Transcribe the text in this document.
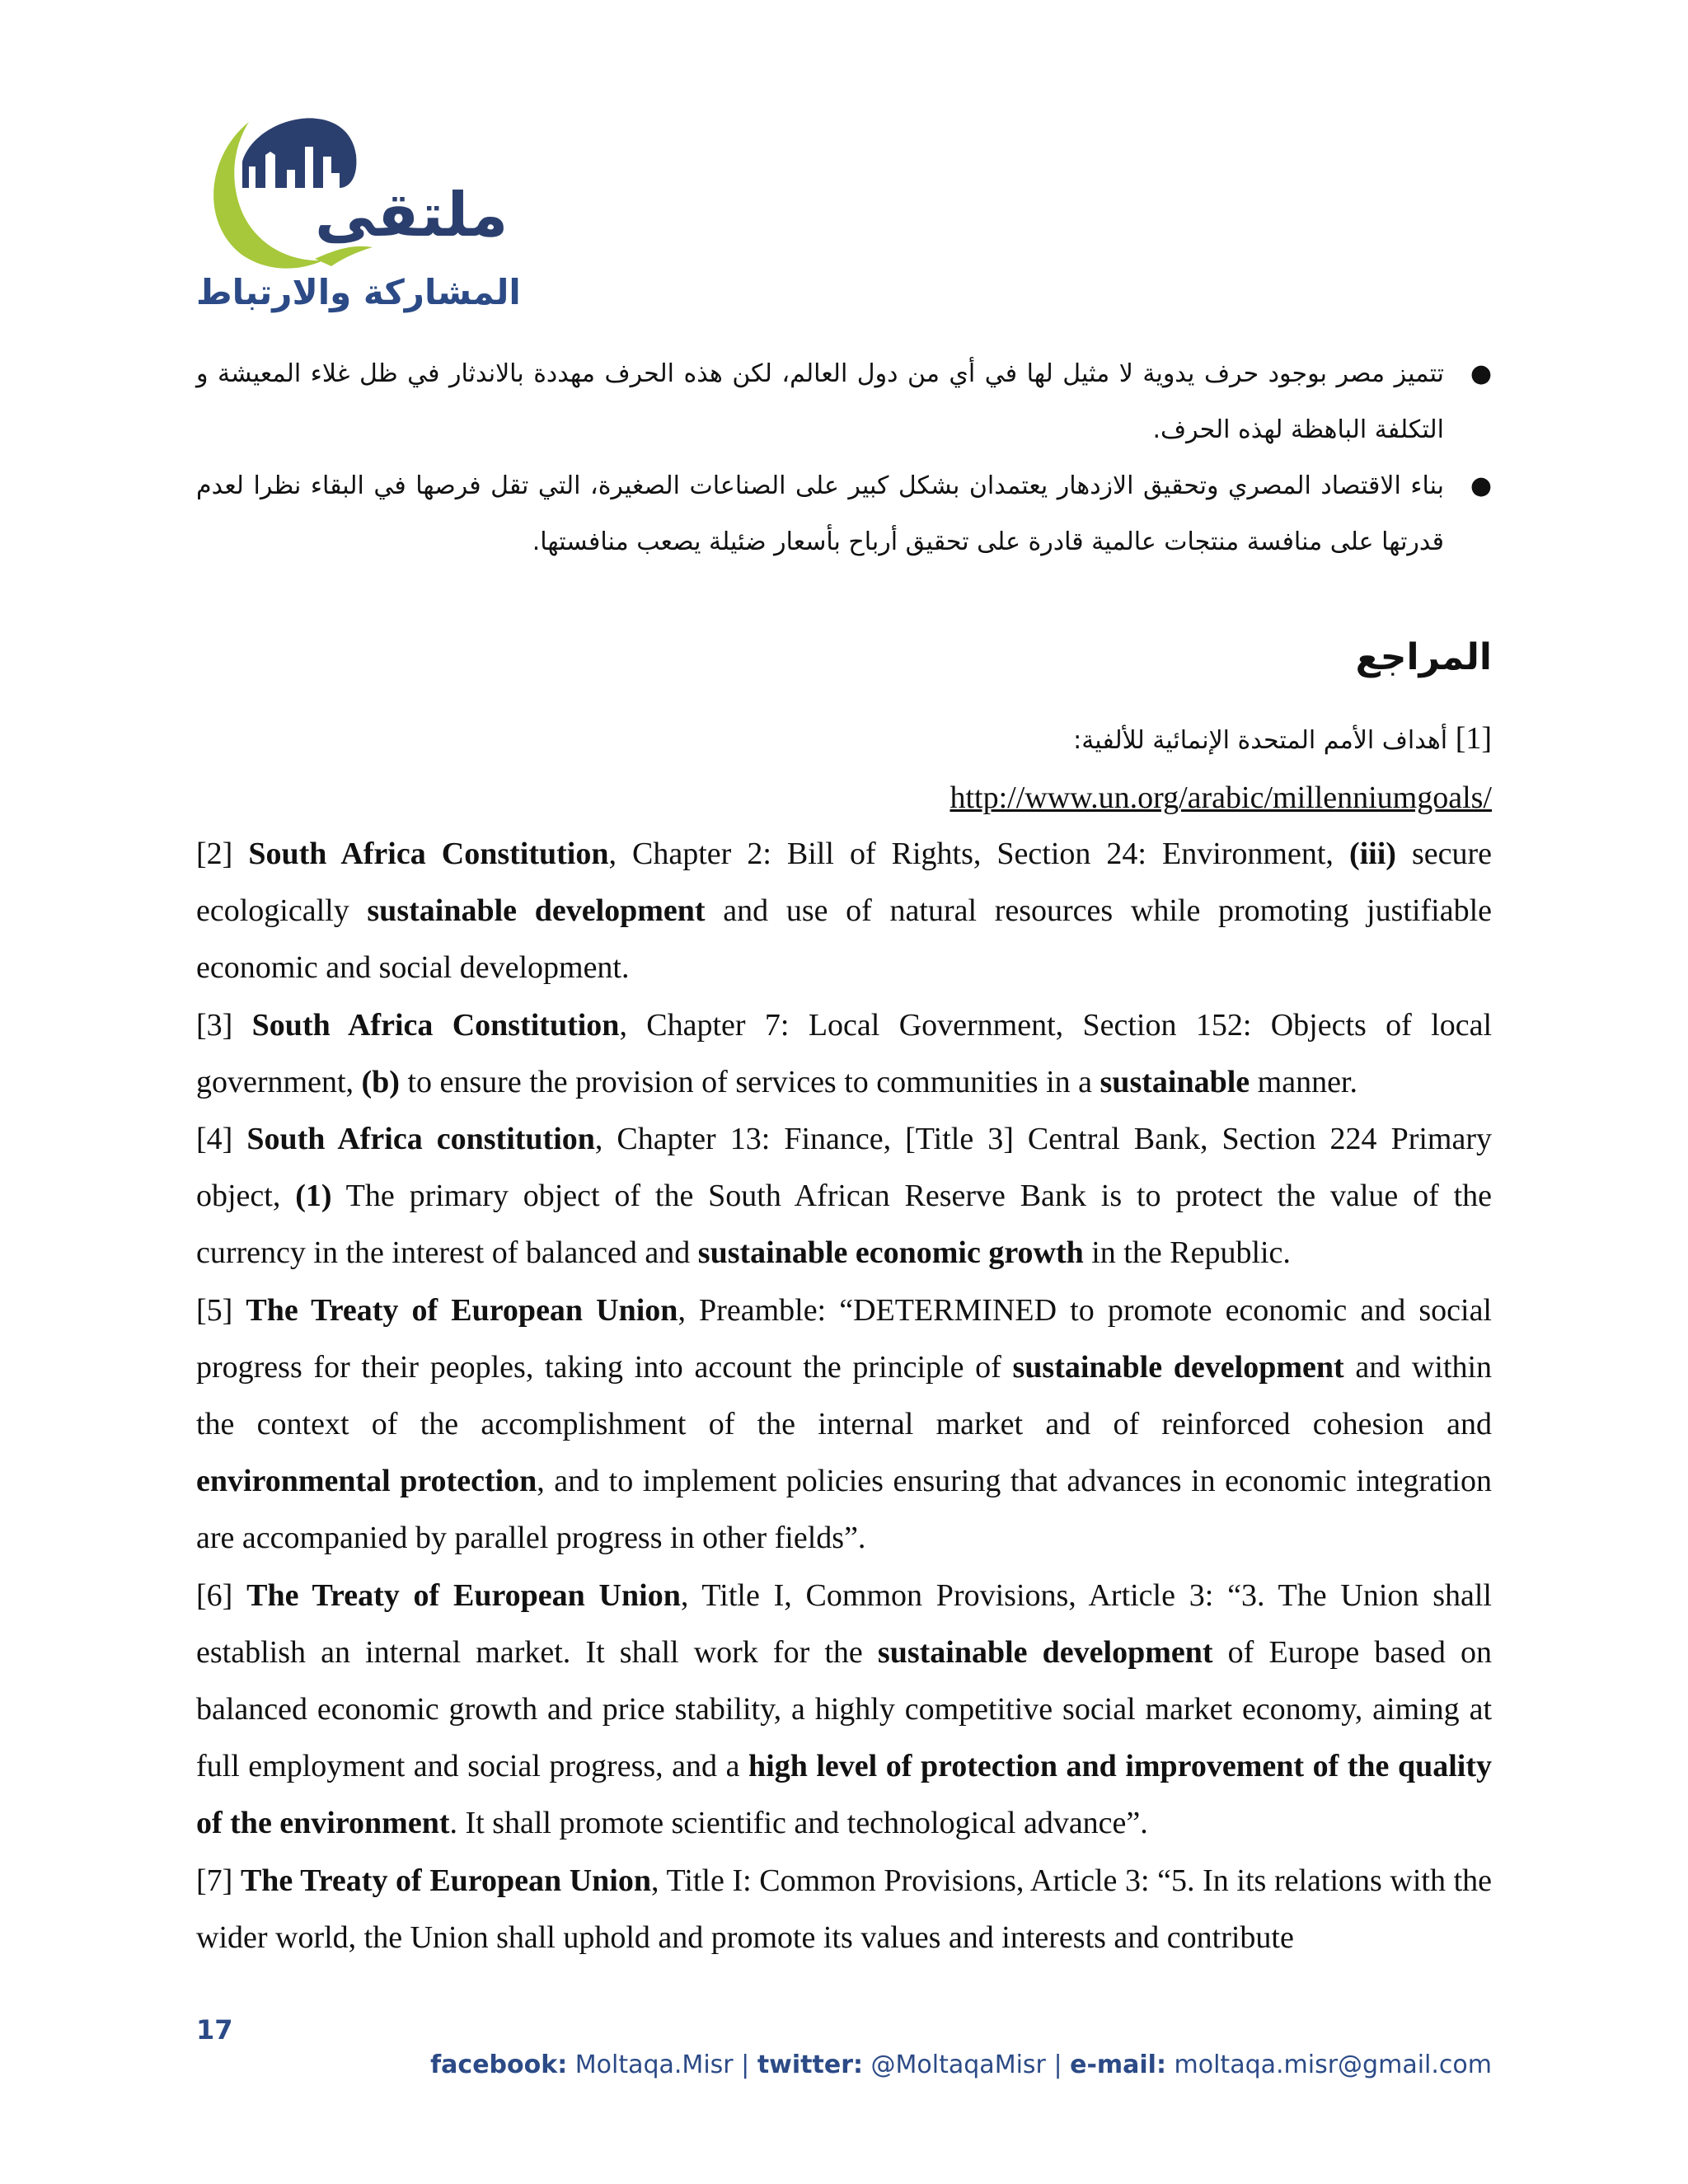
ملتقى
المشاركة والارتباط
●
تتميز مصر بوجود حرف يدوية لا مثيل لها في أي من دول العالم، لكن هذه الحرف مهددة بالاندثار في ظل غلاء المعيشة و التكلفة الباهظة لهذه الحرف.
●
بناء الاقتصاد المصري وتحقيق الازدهار يعتمدان بشكل كبير على الصناعات الصغيرة، التي تقل فرصها في البقاء نظرا لعدم قدرتها على منافسة منتجات عالمية قادرة على تحقيق أرباح بأسعار ضئيلة يصعب منافستها.
المراجع
[1] أهداف الأمم المتحدة الإنمائية للألفية:
http://www.un.org/arabic/millenniumgoals/

[2] South Africa Constitution, Chapter 2: Bill of Rights, Section 24: Environment, (iii) secure ecologically sustainable development and use of natural resources while promoting justifiable economic and social development.

[3] South Africa Constitution, Chapter 7: Local Government, Section 152: Objects of local government, (b) to ensure the provision of services to communities in a sustainable manner.

[4] South Africa constitution, Chapter 13: Finance, [Title 3] Central Bank, Section 224 Primary object, (1) The primary object of the South African Reserve Bank is to protect the value of the currency in the interest of balanced and sustainable economic growth in the Republic.

[5] The Treaty of European Union, Preamble: “DETERMINED to promote economic and social progress for their peoples, taking into account the principle of sustainable development and within the context of the accomplishment of the internal market and of reinforced cohesion and environmental protection, and to implement policies ensuring that advances in economic integration are accompanied by parallel progress in other fields”.

[6] The Treaty of European Union, Title I, Common Provisions, Article 3: “3. The Union shall establish an internal market. It shall work for the sustainable development of Europe based on balanced economic growth and price stability, a highly competitive social market economy, aiming at full employment and social progress, and a high level of protection and improvement of the quality of the environment. It shall promote scientific and technological advance”.

[7] The Treaty of European Union, Title I: Common Provisions, Article 3: “5. In its relations with the wider world, the Union shall uphold and promote its values and interests and contribute

17
facebook: Moltaqa.Misr | twitter: @MoltaqaMisr | e-mail: moltaqa.misr@gmail.com
